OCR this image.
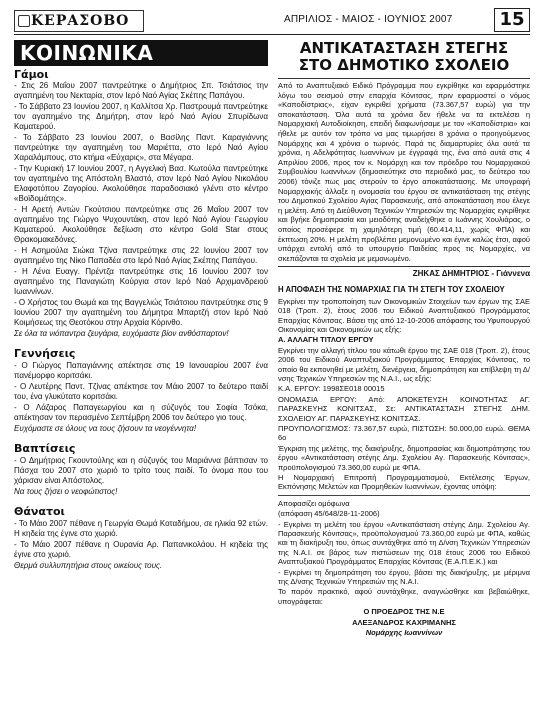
ΚΕΡΑΣΟΒΟ	ΑΠΡΙΛΙΟΣ - ΜΑΙΟΣ - ΙΟΥΝΙΟΣ 2007	15
ΚΟΙΝΩΝΙΚΑ
Γάμοι

- Στις 26 Μαΐου 2007 παντρεύτηκε ο Δημήτριος Σπ. Τσιάτσιος την αγαπημένη του Νεκταρία, στον Ιερό Ναό Αγίας Σκέπης Παπάγου.

- Το Σάββατο 23 Ιουνίου 2007, η Καλλίτσα Χρ. Παστρουμά παντρεύτηκε τον αγαπημένο της Δημήτρη, στον Ιερό Ναό Αγίου Σπυρίδωνα Καματερού.

- Το Σάββατο 23 Ιουνίου 2007, ο Βασίλης Παντ. Καραγιάννης παντρεύτηκε την αγαπημένη του Μαριέττα, στο Ιερό Ναό Αγίου Χαραλάμπους, στο κτήμα «Εύχαρις», στα Μέγαρα.

- Την Κυριακή 17 Ιουνίου 2007, η Αγγελική Βασ. Κωτούλα παντρεύτηκε τον αγαπημένο της Απόστολη Βλαστό, στον Ιερό Ναό Αγίου Νικολάου Ελαφοτόπου Ζαγορίου. Ακολούθησε παραδοσιακό γλέντι στο κέντρο «Βοϊδομάτης».

- Η Αρετή Αντών Γκούτσιου παντρεύτηκε στις 26 Μαΐου 2007 τον αγαπημένο της Γιώργο Ψυχουντάκη, στον Ιερό Ναό Αγίου Γεωργίου Καματερού. Ακολούθησε δεξίωση στο κέντρο Gold Star στους Θρακομακεδόνες.

- Η Ασημούλα Σιώκα Τζίνα παντρεύτηκε στις 22 Ιουνίου 2007 τον αγαπημένο της Νίκο Παπαδέα στο Ιερό Ναό Αγίας Σκέπης Παπάγου.

- Η Λένα Ευαγγ. Πρέντζα παντρεύτηκε στις 16 Ιουνίου 2007 τον αγαπημένο της Παναγιώτη Κούργια στον Ιερό Ναό Αρχιμανδρειού Ιωαννίνων.

- Ο Χρήστος του Θωμά και της Βαγγελιώς Τσιάτσιου παντρεύτηκε στις 9 Ιουνίου 2007 την αγαπημένη του Δήμητρα Μπαρτζή στον Ιερό Ναό Κοιμήσεως της Θεοτόκου στην Αρχαία Κόρινθο.

Σε όλα τα νιόπαντρα ζευγάρια, ευχόμαστε βίον ανθόσπαρτον!

Γεννήσεις

- Ο Γιώργος Παπαγιάννης απέκτησε στις 19 Ιανουαρίου 2007 ένα πανέμορφο κοριτσάκι.

- Ο Λευτέρης Παντ. Τζίνας απέκτησε τον Μάιο 2007 το δεύτερο παιδί του, ένα γλυκύτατο κοριτσάκι.

- Ο Λάζαρος Παπαγεωργίου και η σύζυγός του Σοφία Τσόκα, απέκτησαν τον περασμένο Σεπτέμβρη 2006 τον δεύτερο γιο τους.

Ευχόμαστε σε όλους να τους ζήσουν τα νεογέννητα!

Βαπτίσεις

- Ο Δημήτριος Γκουντούλης και η σύζυγός του Μαριάννα βάπτισαν το Πάσχα του 2007 στο χωριό το τρίτο τους παιδί. Το όνομα που του χάρισαν είναι Απόστολος.

Να τους ζήσει ο νεοφώτιστος!

Θάνατοι

- Το Μάιο 2007 πέθανε η Γεωργία Θωμά Κοταδήμου, σε ηλικία 92 ετών. Η κηδεία της έγινε στο χωριό.

- Το Μάιο 2007 πέθανε η Ουρανία Αρ. Παπανικολάου. Η κηδεία της έγινε στο χωριό.

Θερμά συλλυπητήρια στους οικείους τους.

ΑΝΤΙΚΑΤΑΣΤΑΣΗ ΣΤΕΓΗΣ
ΣΤΟ ΔΗΜΟΤΙΚΟ ΣΧΟΛΕΙΟ

Από το Αναπτυξιακό Ειδικό Πρόγραμμα που εγκρίθηκε και εφαρμόστηκε λόγω του σεισμού στην επαρχία Κόνιτσας, πριν εφαρμοστεί ο νόμος «Καποδίστριας», είχαν εγκριθεί χρήματα (73.367,57 ευρώ) για την αποκατάσταση. Όλα αυτά τα χρόνια δεν ήθελε να τα εκτελέσει η Νομαρχιακή Αυτοδιοίκηση, επειδή διαφωνήσαμε με τον «Καποδίστρια» και ήθελε με αυτόν τον τρόπο να μας τιμωρήσει 8 χρόνια ο προηγούμενος Νομάρχης και 4 χρόνια ο τωρινός. Παρά τις διαμαρτυρίες όλα αυτά τα χρόνια, η Αδελφότητας Ιωαννίνων με έγγραφά της, ένα από αυτά στις 4 Απριλίου 2006, προς τον κ. Νομάρχη και τον πρόεδρο του Νομαρχιακού Συμβουλίου Ιωαννίνων (δημοσιεύτηκε στο περιοδικό μας, το δεύτερο του 2006) τόνιζε πως μας στερούν το έργο αποκατάστασης. Με υπογραφή Νομαρχιακής άλλαξε η ονομασία του έργου σε αντικατάσταση της στέγης του Δημοτικού Σχολείου Αγίας Παρασκευής, από αποκατάσταση που έλεγε η μελέτη. Από τη Διεύθυνση Τεχνικών Υπηρεσιών της Νομαρχίας εγκρίθηκε και βγήκε δημοπρασία και μειοδότης αναδείχθηκε ο Ιωάννης Χουλιάρας, ο οποίος προσέφερε τη χαμηλότερη τιμή (60.414,11, χωρίς ΦΠΑ) και έκπτωση 20%. Η μελέτη προβλέπει μεμονωμένο και έγινε καλώς έτσι, αφού υπάρχει εντολή από το υπουργείο Παιδείας προς τις Νομαρχίες, να σκεπάζονται τα σχολεία με μεμονωμένο.

ΖΗΚΑΣ ΔΗΜΗΤΡΙΟΣ - Γιάννενα
Η ΑΠΟΦΑΣΗ ΤΗΣ ΝΟΜΑΡΧΙΑΣ ΓΙΑ ΤΗ ΣΤΕΓΗ ΤΟΥ ΣΧΟΛΕΙΟΥ

Εγκρίνει την τροποποίηση των Οικονομικών Στοιχείων των έργων της ΣΑΕ 018 (Τροπ. 2), έτους 2006 του Ειδικού Αναπτυξιακού Προγράμματος Επαρχίας Κόνιτσας. Βάσει της από 12-10-2006 απόφασης του Υφυπουργού Οικονομίας και Οικονομικών ως εξής:

Α. ΑΛΛΑΓΗ ΤΙΤΛΟΥ ΕΡΓΟΥ

Εγκρίνει την αλλαγή τίτλου του κάτωθι έργου της ΣΑΕ 018 (Τροπ. 2), έτους 2006 του Ειδικού Αναπτυξιακού Προγράμματος Επαρχίας Κόνιτσας, το οποίο θα εκπονηθεί με μελέτη, διενέργεια, δημοπράτηση και επίβλεψη τη Δ/νσης Τεχνικών Υπηρεσιών της Ν.Α.Ι., ως εξής:

Κ.Α. ΕΡΓΟΥ: 1998ΣΕ018 00015

ΟΝΟΜΑΣΙΑ ΕΡΓΟΥ: Από: ΑΠΟΚΕΤΕΥΣΗ ΚΟΙΝΟΤΗΤΑΣ ΑΓ. ΠΑΡΑΣΚΕΥΗΣ ΚΟΝΙΤΣΑΣ, Σε: ΑΝΤΙΚΑΤΑΣΤΑΣΗ ΣΤΕΓΗΣ ΔΗΜ. ΣΧΟΛΕΙΟΥ ΑΓ. ΠΑΡΑΣΚΕΥΗΣ ΚΟΝΙΤΣΑΣ.

ΠΡΟΥΠΟΛΟΓΙΣΜΟΣ: 73.367,57 ευρώ, ΠΙΣΤΩΣΗ: 50.000,00 ευρώ. ΘΕΜΑ 6ο

Έγκριση της μελέτης, της διακήρυξης, δημοπρασίας και δημοπράτησης του έργου «Αντικατάσταση στέγης Δημ. Σχολείου Αγ. Παρασκευής Κόνιτσας», προϋπολογισμού 73.360,00 ευρώ με ΦΠΑ.

Η Νομαρχιακή Επιτροπή Προγραμματισμού, Εκτέλεσης Έργων, Εκπόνησης Μελετών και Προμηθειών Ιωαννίνων, έχοντας υπόψη:

Αποφασίζει ομόφωνα

(απόφαση 45/648/28-11-2006)

- Εγκρίνει τη μελέτη του έργου «Αντικατάσταση στέγης Δημ. Σχολείου Αγ. Παρασκευής Κόνιτσας», προϋπολογισμού 73.360,00 ευρώ με ΦΠΑ, καθώς και τη διακήρυξη του, όπως συντάχθηκε από τη Δ/νση Τεχνικών Υπηρεσιών της Ν.Α.Ι. σε βάρος των πιστώσεων της 018 έτους 2006 του Ειδικού Αναπτυξιακού Προγράμματος Επαρχίας Κόνιτσας (Ε.Α.Π.Ε.Κ.) και

- Εγκρίνει τη δημοπράτηση του έργου, βάσει της διακήρυξης, με μέριμνα της Δ/νσης Τεχνικών Υπηρεσιών της Ν.Α.Ι.

Το παρόν πρακτικό, αφού συντάχθηκε, αναγνώσθηκε και βεβαιώθηκε, υπογράφεται:

Ο ΠΡΟΕΔΡΟΣ ΤΗΣ Ν.Ε

ΑΛΕΞΑΝΔΡΟΣ ΚΑΧΡΙΜΑΝΗΣ

Νομάρχης Ιωαννίνων
